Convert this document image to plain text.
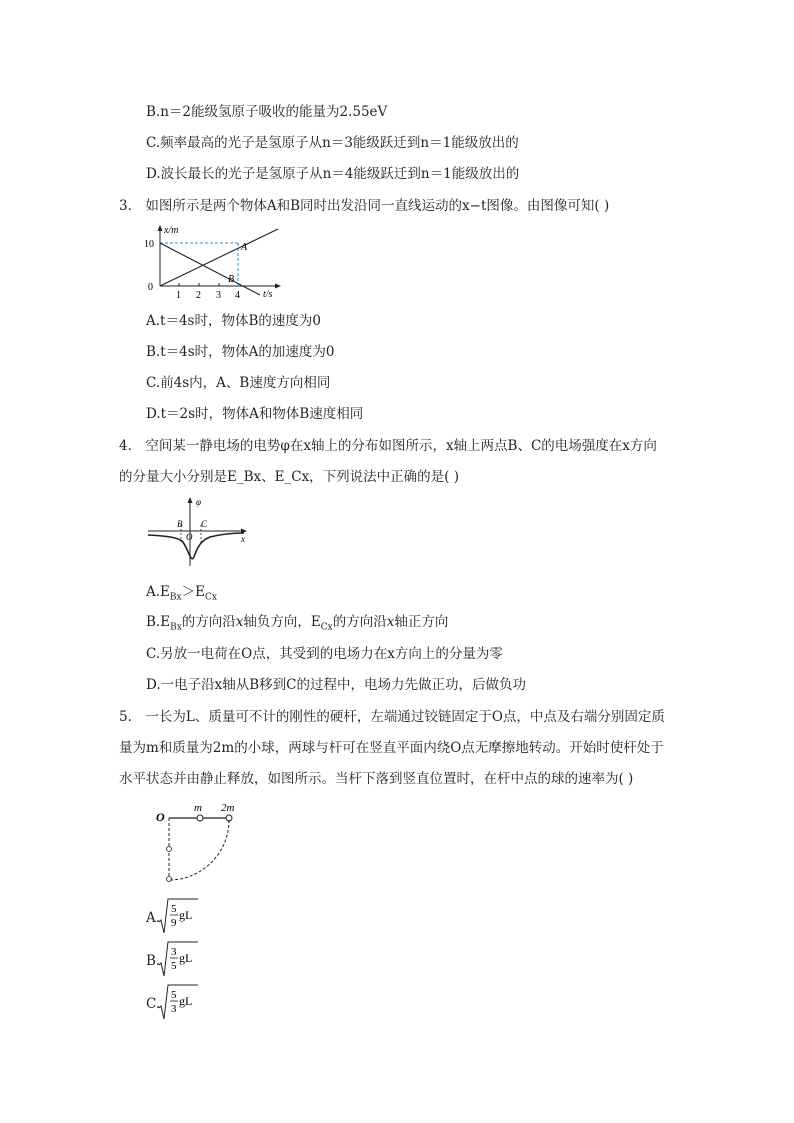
B.n＝2能级氢原子吸收的能量为2.55eV
C.频率最高的光子是氢原子从n＝3能级跃迁到n＝1能级放出的
D.波长最长的光子是氢原子从n＝4能级跃迁到n＝1能级放出的
3.　如图所示是两个物体A和B同时出发沿同一直线运动的x−t图像。由图像可知( )
x/m
t/s
10
0
1 2 3 4
A
B
A.t＝4s时，物体B的速度为0
B.t＝4s时，物体A的加速度为0
C.前4s内，A、B速度方向相同
D.t＝2s时，物体A和物体B速度相同
4.　空间某一静电场的电势φ在x轴上的分布如图所示，x轴上两点B、C的电场强度在x方向
的分量大小分别是E_Bx、E_Cx，下列说法中正确的是( )
φ
x
B C
O
$A.E_{Bx}>E_{Cx}$
$B.E_{Bx}$的方向沿x轴负方向，$E_{Cx}$的方向沿x轴正方向
C.另放一电荷在O点，其受到的电场力在x方向上的分量为零
D.一电子沿x轴从B移到C的过程中，电场力先做正功，后做负功
5.　一长为L、质量可不计的刚性的硬杆，左端通过铰链固定于O点，中点及右端分别固定质
量为m和质量为2m的小球，两球与杆可在竖直平面内绕O点无摩擦地转动。开始时使杆处于
水平状态并由静止释放，如图所示。当杆下落到竖直位置时，在杆中点的球的速率为( )
O
m 2m
A.
5
9
gL
B.
3
5
gL
C.
5
3
gL
